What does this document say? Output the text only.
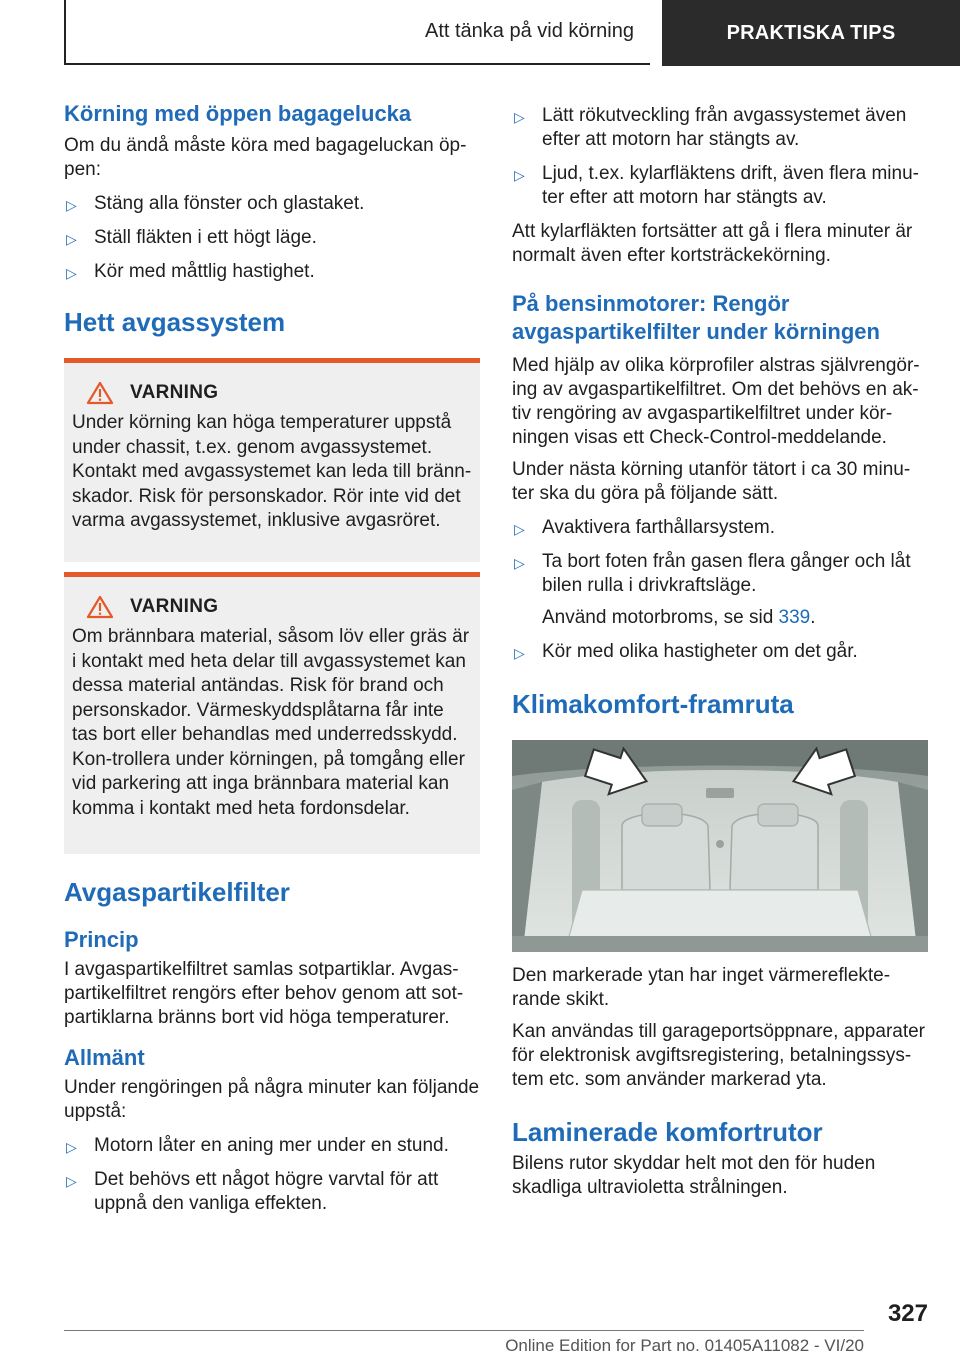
Att tänka på vid körning	PRAKTISKA TIPS
Körning med öppen bagagelucka

Om du ändå måste köra med bagageluckan öp-pen:

▷ Stäng alla fönster och glastaket.
▷ Ställ fläkten i ett högt läge.
▷ Kör med måttlig hastighet.
Hett avgassystem
VARNING

Under körning kan höga temperaturer uppstå under chassit, t.ex. genom avgassystemet. Kontakt med avgassystemet kan leda till bränn-skador. Risk för personskador. Rör inte vid det varma avgassystemet, inklusive avgasröret.

VARNING

Om brännbara material, såsom löv eller gräs är i kontakt med heta delar till avgassystemet kan dessa material antändas. Risk för brand och personskador. Värmeskyddsplåtarna får inte tas bort eller behandlas med underredsskydd. Kon-trollera under körningen, på tomgång eller vid parkering att inga brännbara material kan komma i kontakt med heta fordonsdelar.

Avgaspartikelfilter
Princip

I avgaspartikelfiltret samlas sotpartiklar. Avgas-partikelfiltret rengörs efter behov genom att sot-partiklarna bränns bort vid höga temperaturer.

Allmänt

Under rengöringen på några minuter kan följande uppstå:

▷ Motorn låter en aning mer under en stund.
▷ Det behövs ett något högre varvtal för att uppnå den vanliga effekten.
▷ Lätt rökutveckling från avgassystemet även efter att motorn har stängts av.
▷ Ljud, t.ex. kylarfläktens drift, även flera minu-ter efter att motorn har stängts av.

Att kylarfläkten fortsätter att gå i flera minuter är normalt även efter kortsträckekörning.

På bensinmotorer: Rengör avgaspartikelfilter under körningen

Med hjälp av olika körprofiler alstras självrengör-ing av avgaspartikelfiltret. Om det behövs en ak-tiv rengöring av avgaspartikelfiltret under kör-ningen visas ett Check-Control-meddelande.

Under nästa körning utanför tätort i ca 30 minu-ter ska du göra på följande sätt.

▷ Avaktivera farthållarsystem.
▷ Ta bort foten från gasen flera gånger och låt bilen rulla i drivkraftsläge.
Använd motorbroms, se sid 339.
▷ Kör med olika hastigheter om det går.
Klimakomfort-framruta

Den markerade ytan har inget värmereflekte-rande skikt.

Kan användas till garageportsöppnare, apparater för elektronisk avgiftsregistering, betalningssys-tem etc. som använder markerad yta.

Laminerade komfortrutor

Bilens rutor skyddar helt mot den för huden skadliga ultravioletta strålningen.

327
Online Edition for Part no. 01405A11082 - VI/20
